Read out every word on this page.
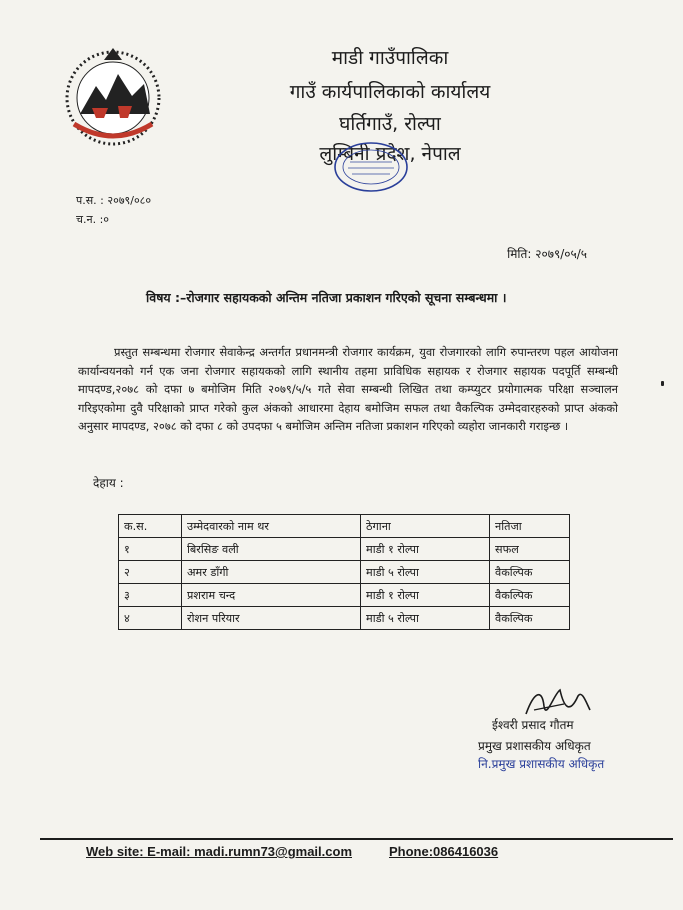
माडी गाउँपालिका
गाउँ कार्यपालिकाको कार्यालय
घर्तिगाउँ, रोल्पा
लुम्बिनी प्रदेश, नेपाल
प.स. : २०७९/०८०
च.न. :०
मिति: २०७९/०५/५
विषय :–रोजगार सहायकको अन्तिम नतिजा प्रकाशन गरिएको सूचना सम्बन्धमा ।
प्रस्तुत सम्बन्धमा रोजगार सेवाकेन्द्र अन्तर्गत प्रधानमन्त्री रोजगार कार्यक्रम, युवा रोजगारको लागि रुपान्तरण पहल आयोजना कार्यान्वयनको गर्न एक जना रोजगार सहायकको लागि स्थानीय तहमा प्राविधिक सहायक र रोजगार सहायक पदपूर्ति सम्बन्धी मापदण्ड,२०७८ को दफा ७ बमोजिम मिति २०७९/५/५ गते सेवा सम्बन्धी लिखित तथा कम्प्युटर प्रयोगात्मक परिक्षा सञ्चालन गरिइएकोमा दुवै परिक्षाको प्राप्त गरेको कुल अंकको आधारमा देहाय बमोजिम सफल तथा वैकल्पिक उम्मेदवारहरुको प्राप्त अंकको अनुसार मापदण्ड, २०७८ को दफा ८ को उपदफा ५ बमोजिम अन्तिम नतिजा प्रकाशन गरिएको व्यहोरा जानकारी गराइन्छ ।
देहाय :
क.स.	उम्मेदवारको नाम थर	ठेगाना	नतिजा
१	बिरसिङ वली	माडी १ रोल्पा	सफल
२	अमर डाँगी	माडी ५ रोल्पा	वैकल्पिक
३	प्रशराम चन्द	माडी १ रोल्पा	वैकल्पिक
४	रोशन परियार	माडी ५ रोल्पा	वैकल्पिक
ईश्वरी प्रसाद गौतम
प्रमुख प्रशासकीय अधिकृत
नि.प्रमुख प्रशासकीय अधिकृत
Web site: E-mail: madi.rumn73@gmail.com	Phone:086416036
